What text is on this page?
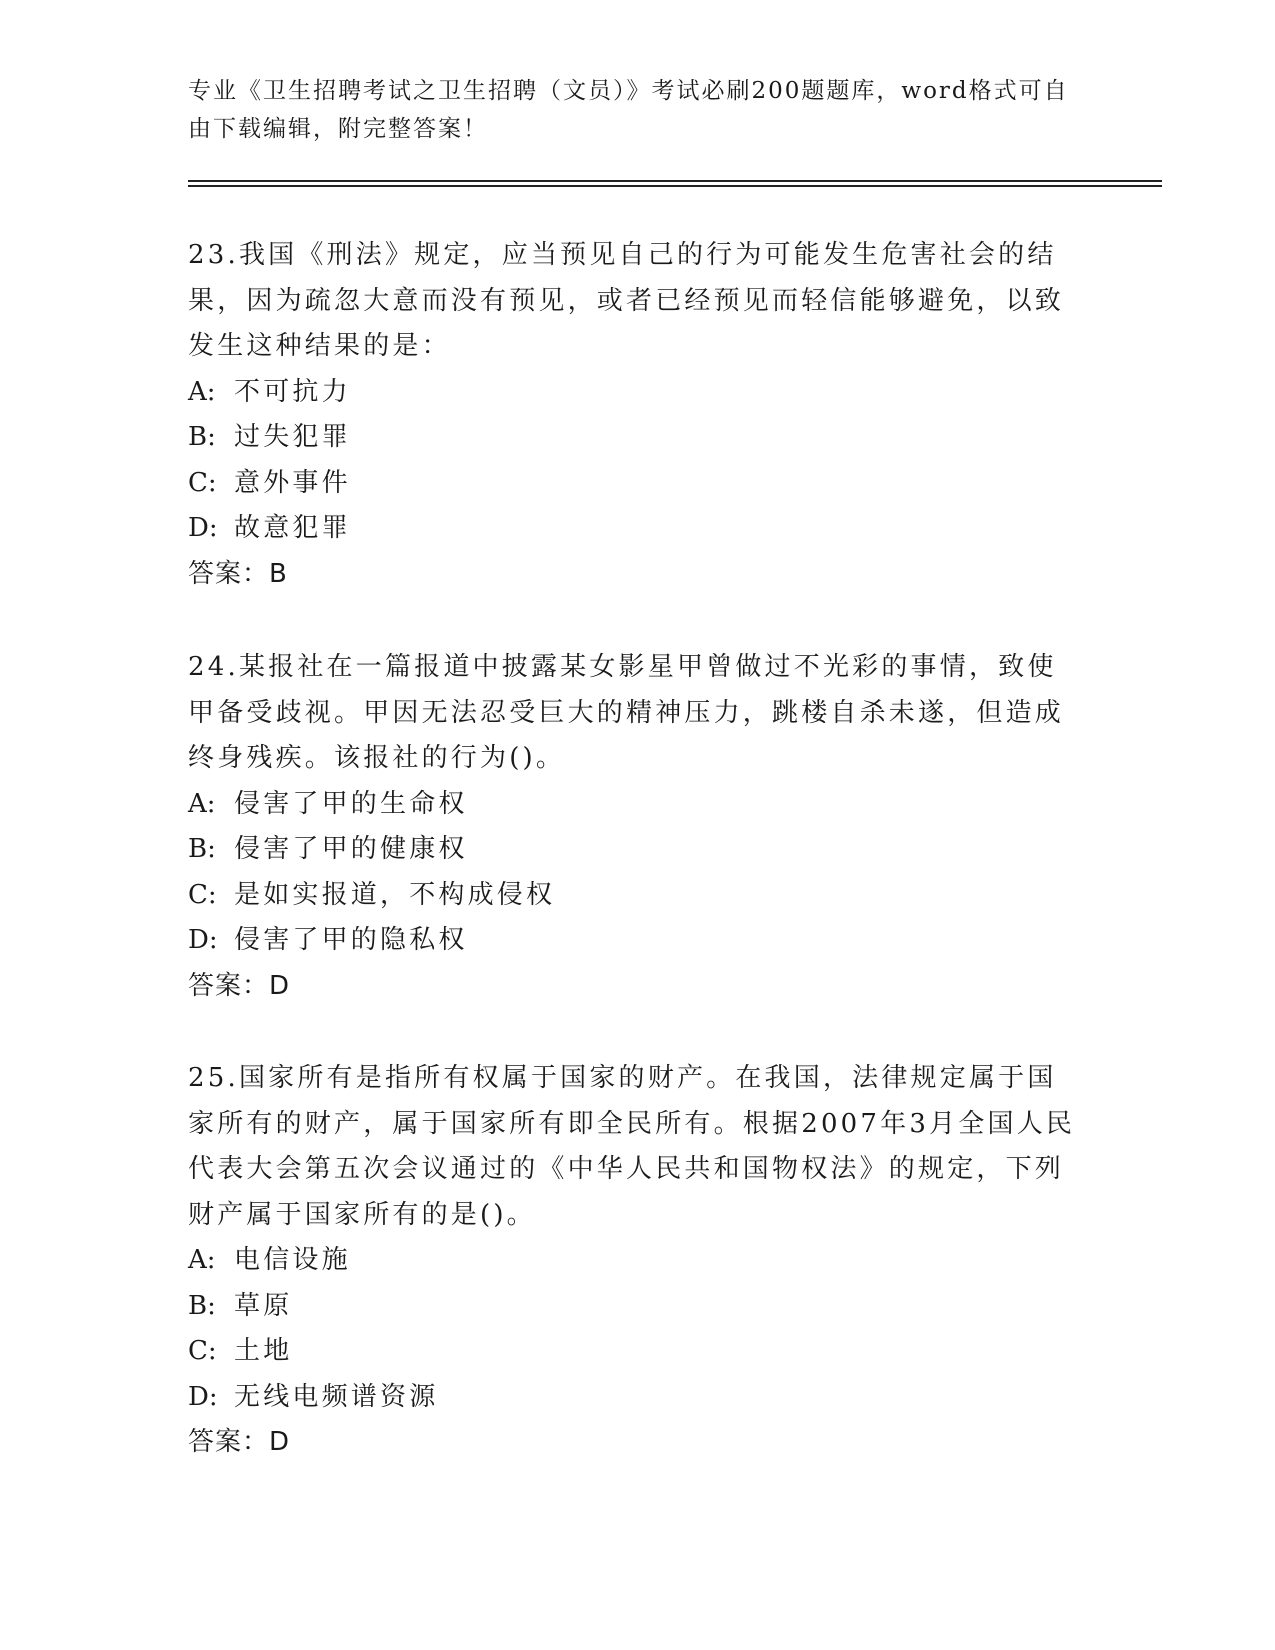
专业《卫生招聘考试之卫生招聘（文员）》考试必刷200题题库，word格式可自由下载编辑，附完整答案！

23.我国《刑法》规定，应当预见自己的行为可能发生危害社会的结果，因为疏忽大意而没有预见，或者已经预见而轻信能够避免，以致发生这种结果的是：

A: 不可抗力

B: 过失犯罪

C: 意外事件

D: 故意犯罪

答案：B

24.某报社在一篇报道中披露某女影星甲曾做过不光彩的事情，致使甲备受歧视。甲因无法忍受巨大的精神压力，跳楼自杀未遂，但造成终身残疾。该报社的行为()。

A: 侵害了甲的生命权

B: 侵害了甲的健康权

C: 是如实报道，不构成侵权

D: 侵害了甲的隐私权

答案：D

25.国家所有是指所有权属于国家的财产。在我国，法律规定属于国家所有的财产，属于国家所有即全民所有。根据2007年3月全国人民代表大会第五次会议通过的《中华人民共和国物权法》的规定，下列财产属于国家所有的是()。

A: 电信设施

B: 草原

C: 土地

D: 无线电频谱资源

答案：D
